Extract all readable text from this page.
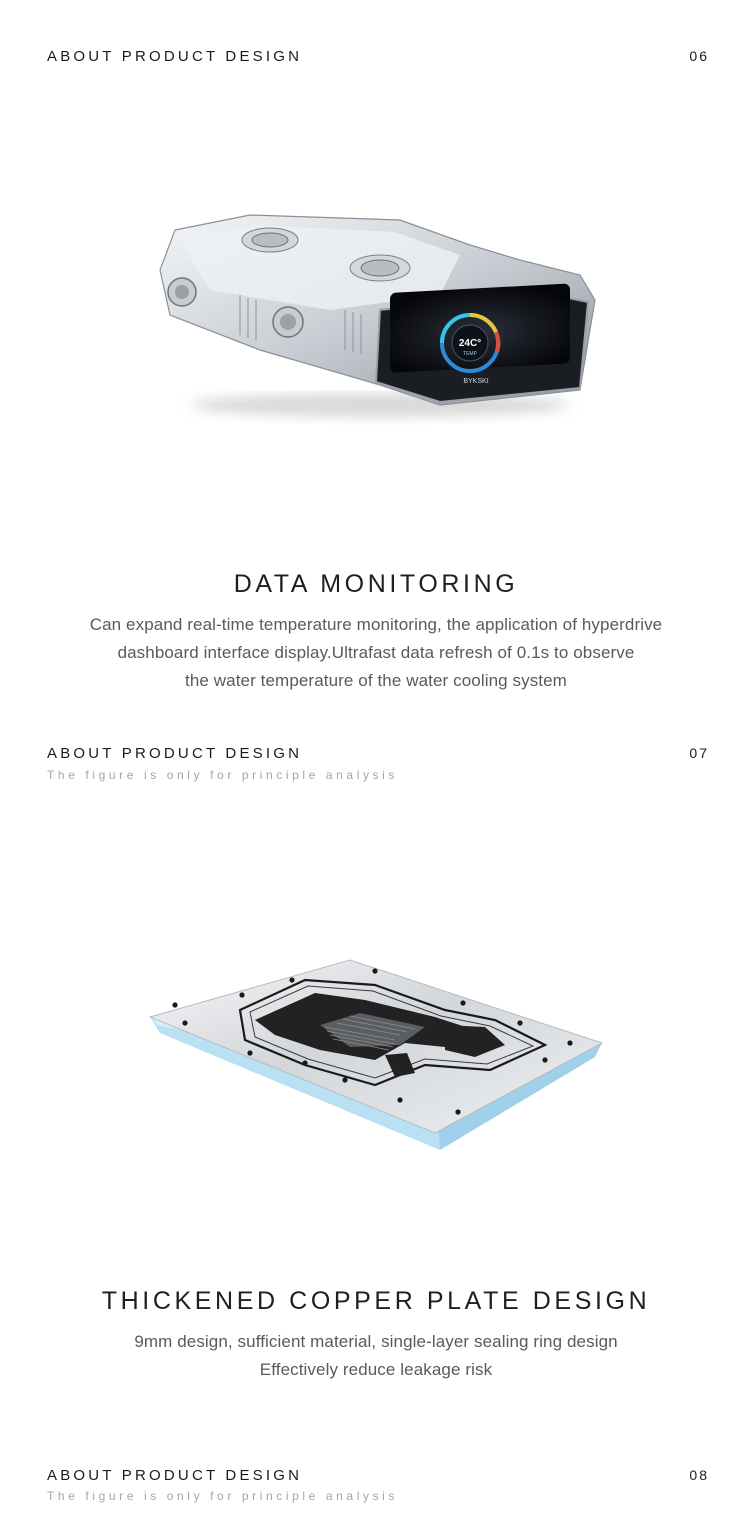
ABOUT PRODUCT DESIGN	06
24C°
TEMP
BYKSKI
DATA MONITORING
Can expand real-time temperature monitoring, the application of hyperdrive
dashboard interface display.Ultrafast data refresh of 0.1s to observe
the water temperature of the water cooling system
ABOUT PRODUCT DESIGN	07
The figure is only for principle analysis
THICKENED COPPER PLATE DESIGN
9mm design, sufficient material, single-layer sealing ring design
Effectively reduce leakage risk
ABOUT PRODUCT DESIGN	08
The figure is only for principle analysis
